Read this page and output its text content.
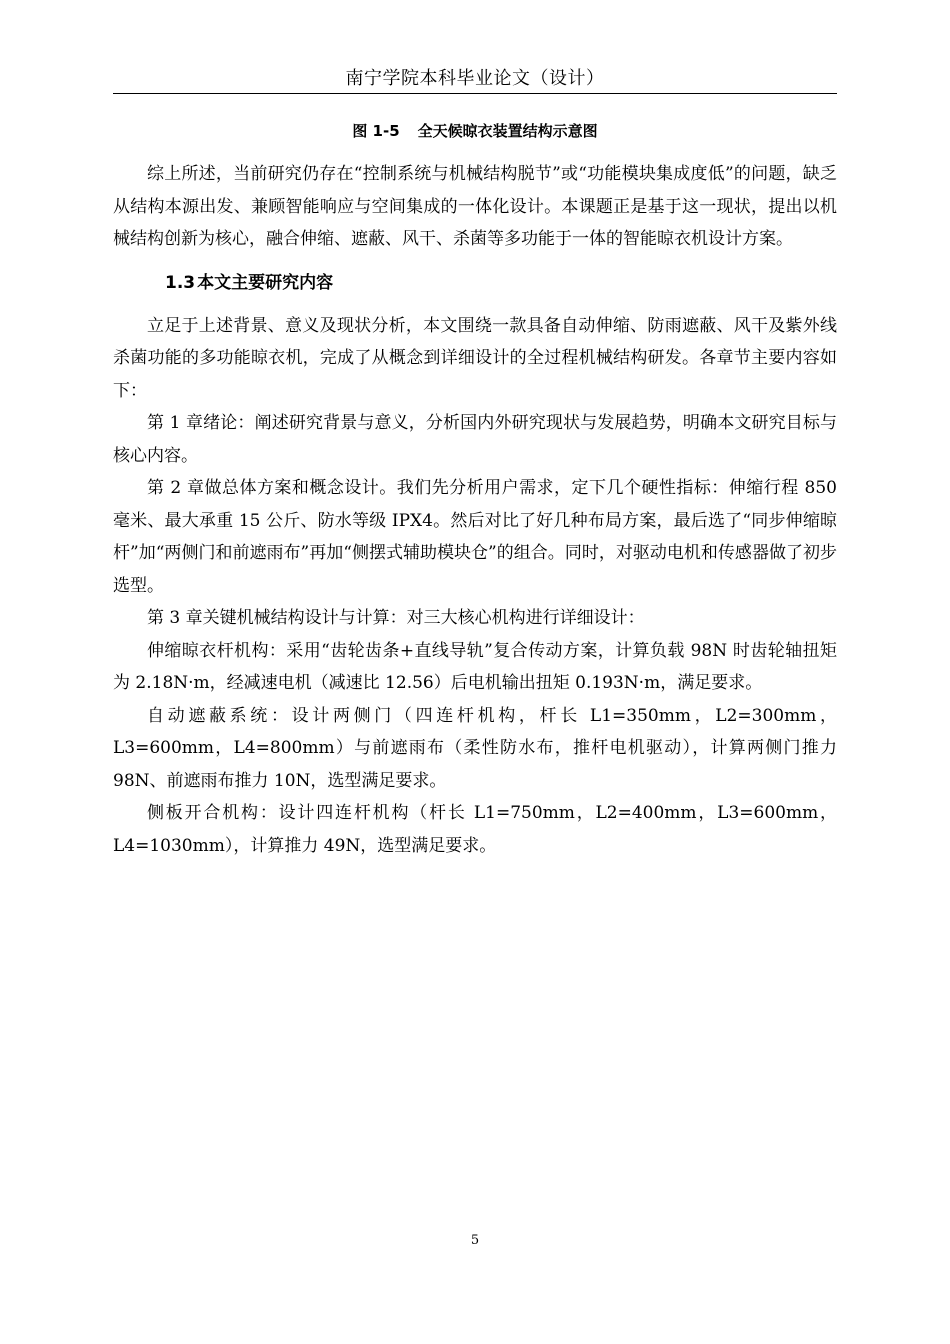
南宁学院本科毕业论文（设计）
图 1-5 全天候晾衣装置结构示意图

综上所述，当前研究仍存在“控制系统与机械结构脱节”或“功能模块集成度低”的问题，缺乏从结构本源出发、兼顾智能响应与空间集成的一体化设计。本课题正是基于这一现状，提出以机械结构创新为核心，融合伸缩、遮蔽、风干、杀菌等多功能于一体的智能晾衣机设计方案。

1.3 本文主要研究内容

立足于上述背景、意义及现状分析，本文围绕一款具备自动伸缩、防雨遮蔽、风干及紫外线杀菌功能的多功能晾衣机，完成了从概念到详细设计的全过程机械结构研发。各章节主要内容如下：

第 1 章绪论：阐述研究背景与意义，分析国内外研究现状与发展趋势，明确本文研究目标与核心内容。

第 2 章做总体方案和概念设计。我们先分析用户需求，定下几个硬性指标：伸缩行程 850 毫米、最大承重 15 公斤、防水等级 IPX4。然后对比了好几种布局方案，最后选了“同步伸缩晾杆”加“两侧门和前遮雨布”再加“侧摆式辅助模块仓”的组合。同时，对驱动电机和传感器做了初步选型。

第 3 章关键机械结构设计与计算：对三大核心机构进行详细设计：

伸缩晾衣杆机构：采用“齿轮齿条+直线导轨”复合传动方案，计算负载 98N 时齿轮轴扭矩为 2.18N·m，经减速电机（减速比 12.56）后电机输出扭矩 0.193N·m，满足要求。

自动遮蔽系统：设计两侧门（四连杆机构，杆长 L1=350mm，L2=300mm，L3=600mm，L4=800mm）与前遮雨布（柔性防水布，推杆电机驱动），计算两侧门推力 98N、前遮雨布推力 10N，选型满足要求。

侧板开合机构：设计四连杆机构（杆长 L1=750mm，L2=400mm，L3=600mm，L4=1030mm），计算推力 49N，选型满足要求。

5
